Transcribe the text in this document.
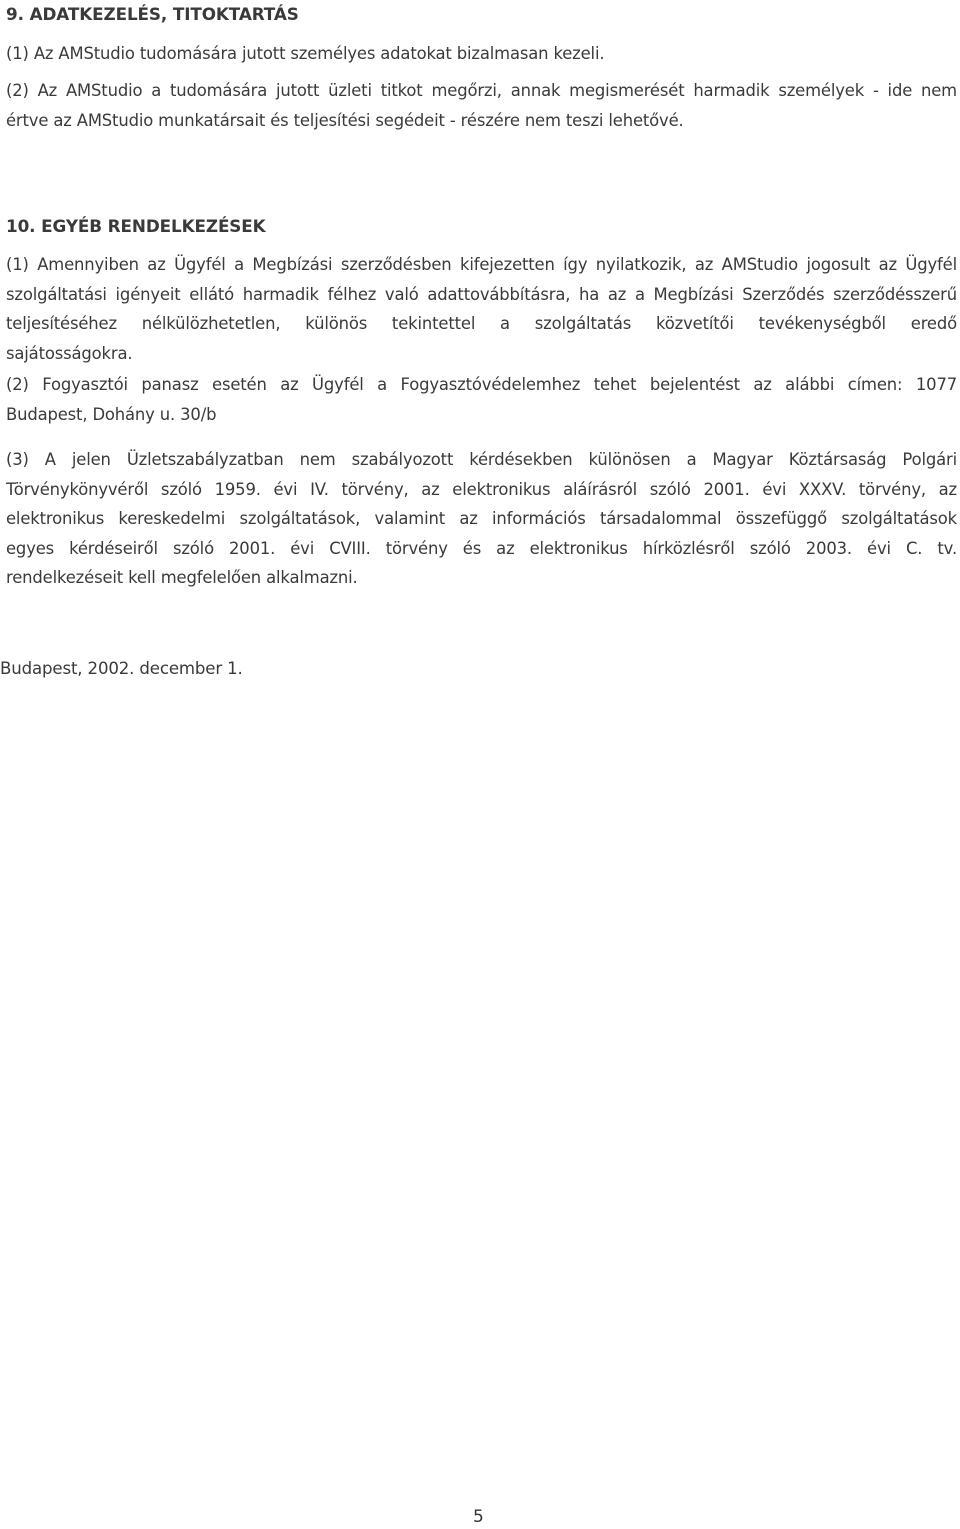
9. ADATKEZELÉS, TITOKTARTÁS
(1) Az AMStudio tudomására jutott személyes adatokat bizalmasan kezeli.
(2) Az AMStudio a tudomására jutott üzleti titkot megőrzi, annak megismerését harmadik személyek - ide nem
értve az AMStudio munkatársait és teljesítési segédeit - részére nem teszi lehetővé.
10. EGYÉB RENDELKEZÉSEK
(1) Amennyiben az Ügyfél a Megbízási szerződésben kifejezetten így nyilatkozik, az AMStudio jogosult az Ügyfél
szolgáltatási igényeit ellátó harmadik félhez való adattovábbításra, ha az a Megbízási Szerződés szerződésszerű
teljesítéséhez nélkülözhetetlen, különös tekintettel a szolgáltatás közvetítői tevékenységből eredő
sajátosságokra.
(2) Fogyasztói panasz esetén az Ügyfél a Fogyasztóvédelemhez tehet bejelentést az alábbi címen: 1077
Budapest, Dohány u. 30/b
(3) A jelen Üzletszabályzatban nem szabályozott kérdésekben különösen a Magyar Köztársaság Polgári
Törvénykönyvéről szóló 1959. évi IV. törvény, az elektronikus aláírásról szóló 2001. évi XXXV. törvény, az
elektronikus kereskedelmi szolgáltatások, valamint az információs társadalommal összefüggő szolgáltatások
egyes kérdéseiről szóló 2001. évi CVIII. törvény és az elektronikus hírközlésről szóló 2003. évi C. tv.
rendelkezéseit kell megfelelően alkalmazni.
Budapest, 2002. december 1.
5
